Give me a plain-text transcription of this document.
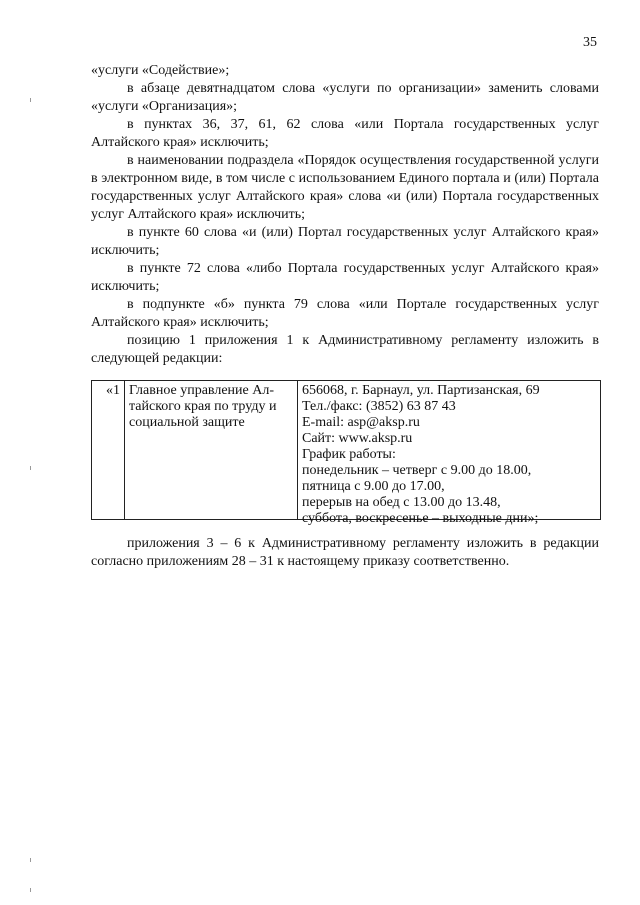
35

«услуги «Содействие»;

в абзаце девятнадцатом слова «услуги по организации» заменить словами «услуги «Организация»;

в пунктах 36, 37, 61, 62 слова «или Портала государственных услуг Алтайского края» исключить;

в наименовании подраздела «Порядок осуществления государственной услуги в электронном виде, в том числе с использованием Единого портала и (или) Портала государственных услуг Алтайского края» слова «и (или) Портала государственных услуг Алтайского края» исключить;

в пункте 60 слова «и (или) Портал государственных услуг Алтайского края» исключить;

в пункте 72 слова «либо Портала государственных услуг Алтайского края» исключить;

в подпункте «б» пункта 79 слова «или Портале государственных услуг Алтайского края» исключить;

позицию 1 приложения 1 к Административному регламенту изложить в следующей редакции:

«1 Главное управление Ал-
тайского края по труду и
социальной защите
656068, г. Барнаул, ул. Партизанская, 69
Тел./факс: (3852) 63 87 43
E-mail: asp@aksp.ru
Сайт: www.aksp.ru
График работы:
понедельник – четверг с 9.00 до 18.00,
пятница с 9.00 до 17.00,
перерыв на обед с 13.00 до 13.48,
суббота, воскресенье – выходные дни»;

приложения 3 – 6 к Административному регламенту изложить в редакции согласно приложениям 28 – 31 к настоящему приказу соответственно.
